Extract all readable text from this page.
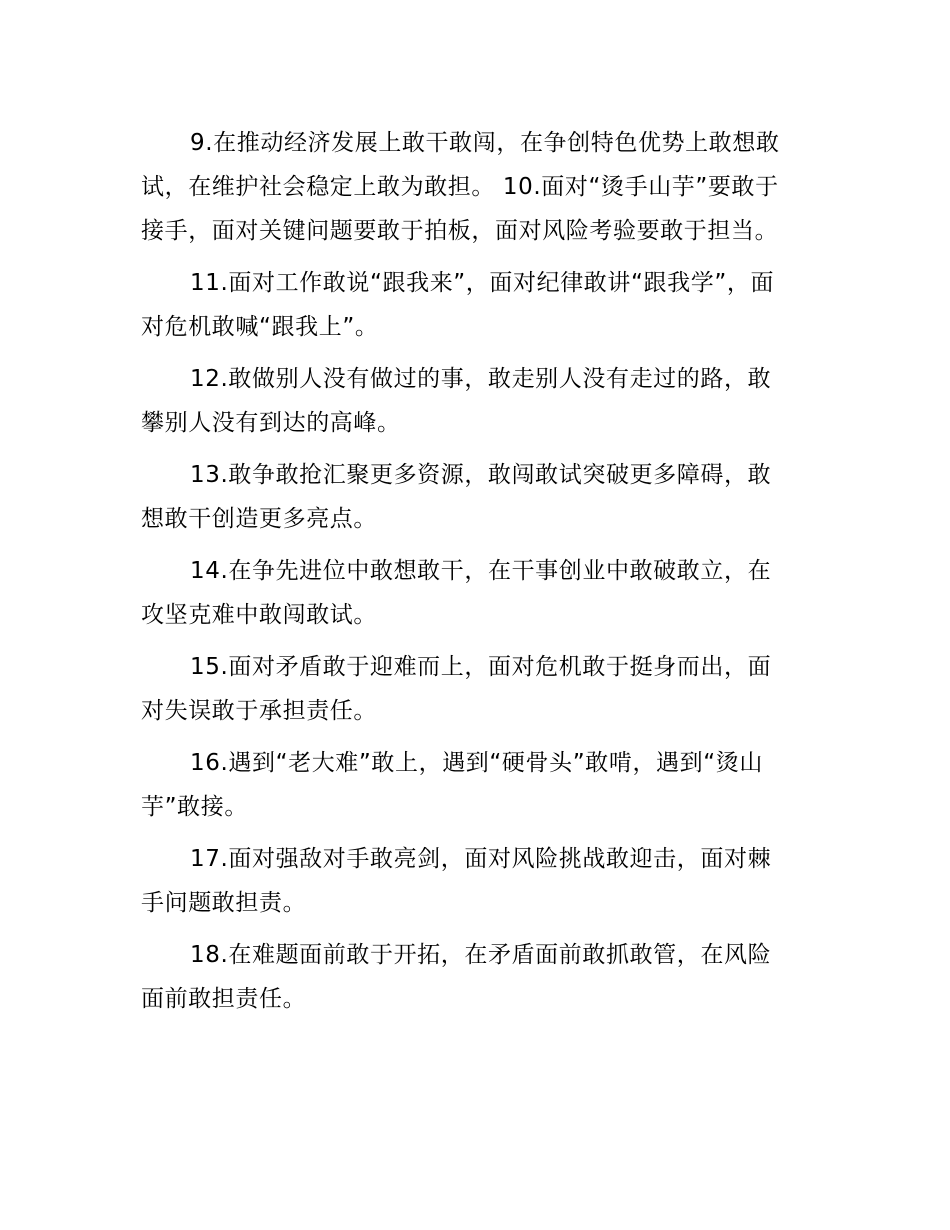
9.在推动经济发展上敢干敢闯，在争创特色优势上敢想敢
试，在维护社会稳定上敢为敢担。 10.面对“烫手山芋”要敢于
接手，面对关键问题要敢于拍板，面对风险考验要敢于担当。
11.面对工作敢说“跟我来”，面对纪律敢讲“跟我学”，面
对危机敢喊“跟我上”。
12.敢做别人没有做过的事，敢走别人没有走过的路，敢
攀别人没有到达的高峰。
13.敢争敢抢汇聚更多资源，敢闯敢试突破更多障碍，敢
想敢干创造更多亮点。
14.在争先进位中敢想敢干，在干事创业中敢破敢立，在
攻坚克难中敢闯敢试。
15.面对矛盾敢于迎难而上，面对危机敢于挺身而出，面
对失误敢于承担责任。
16.遇到“老大难”敢上，遇到“硬骨头”敢啃，遇到“烫山
芋”敢接。
17.面对强敌对手敢亮剑，面对风险挑战敢迎击，面对棘
手问题敢担责。
18.在难题面前敢于开拓，在矛盾面前敢抓敢管，在风险
面前敢担责任。
